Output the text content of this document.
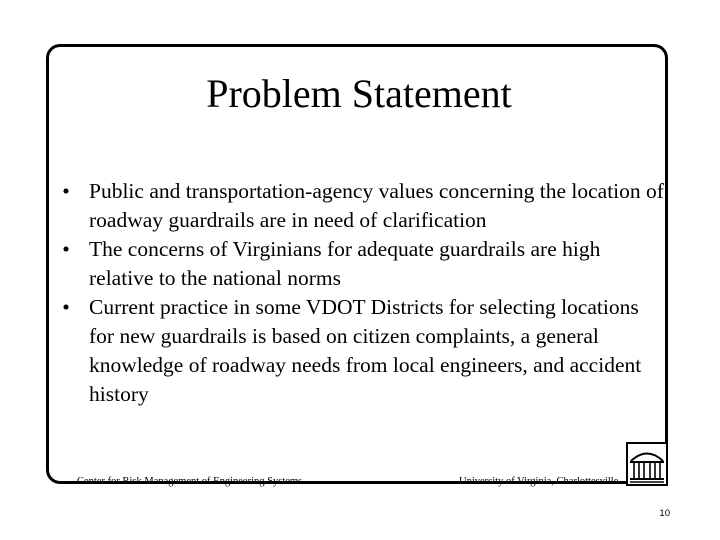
Problem Statement
• Public and transportation-agency values concerning the location of roadway guardrails are in need of clarification
• The concerns of Virginians for adequate guardrails are high relative to the national norms
• Current practice in some VDOT Districts for selecting locations for new guardrails is based on citizen complaints, a general knowledge of roadway needs from local engineers, and accident history
Center for Risk Management of Engineering Systems	University of Virginia, Charlottesville
10
